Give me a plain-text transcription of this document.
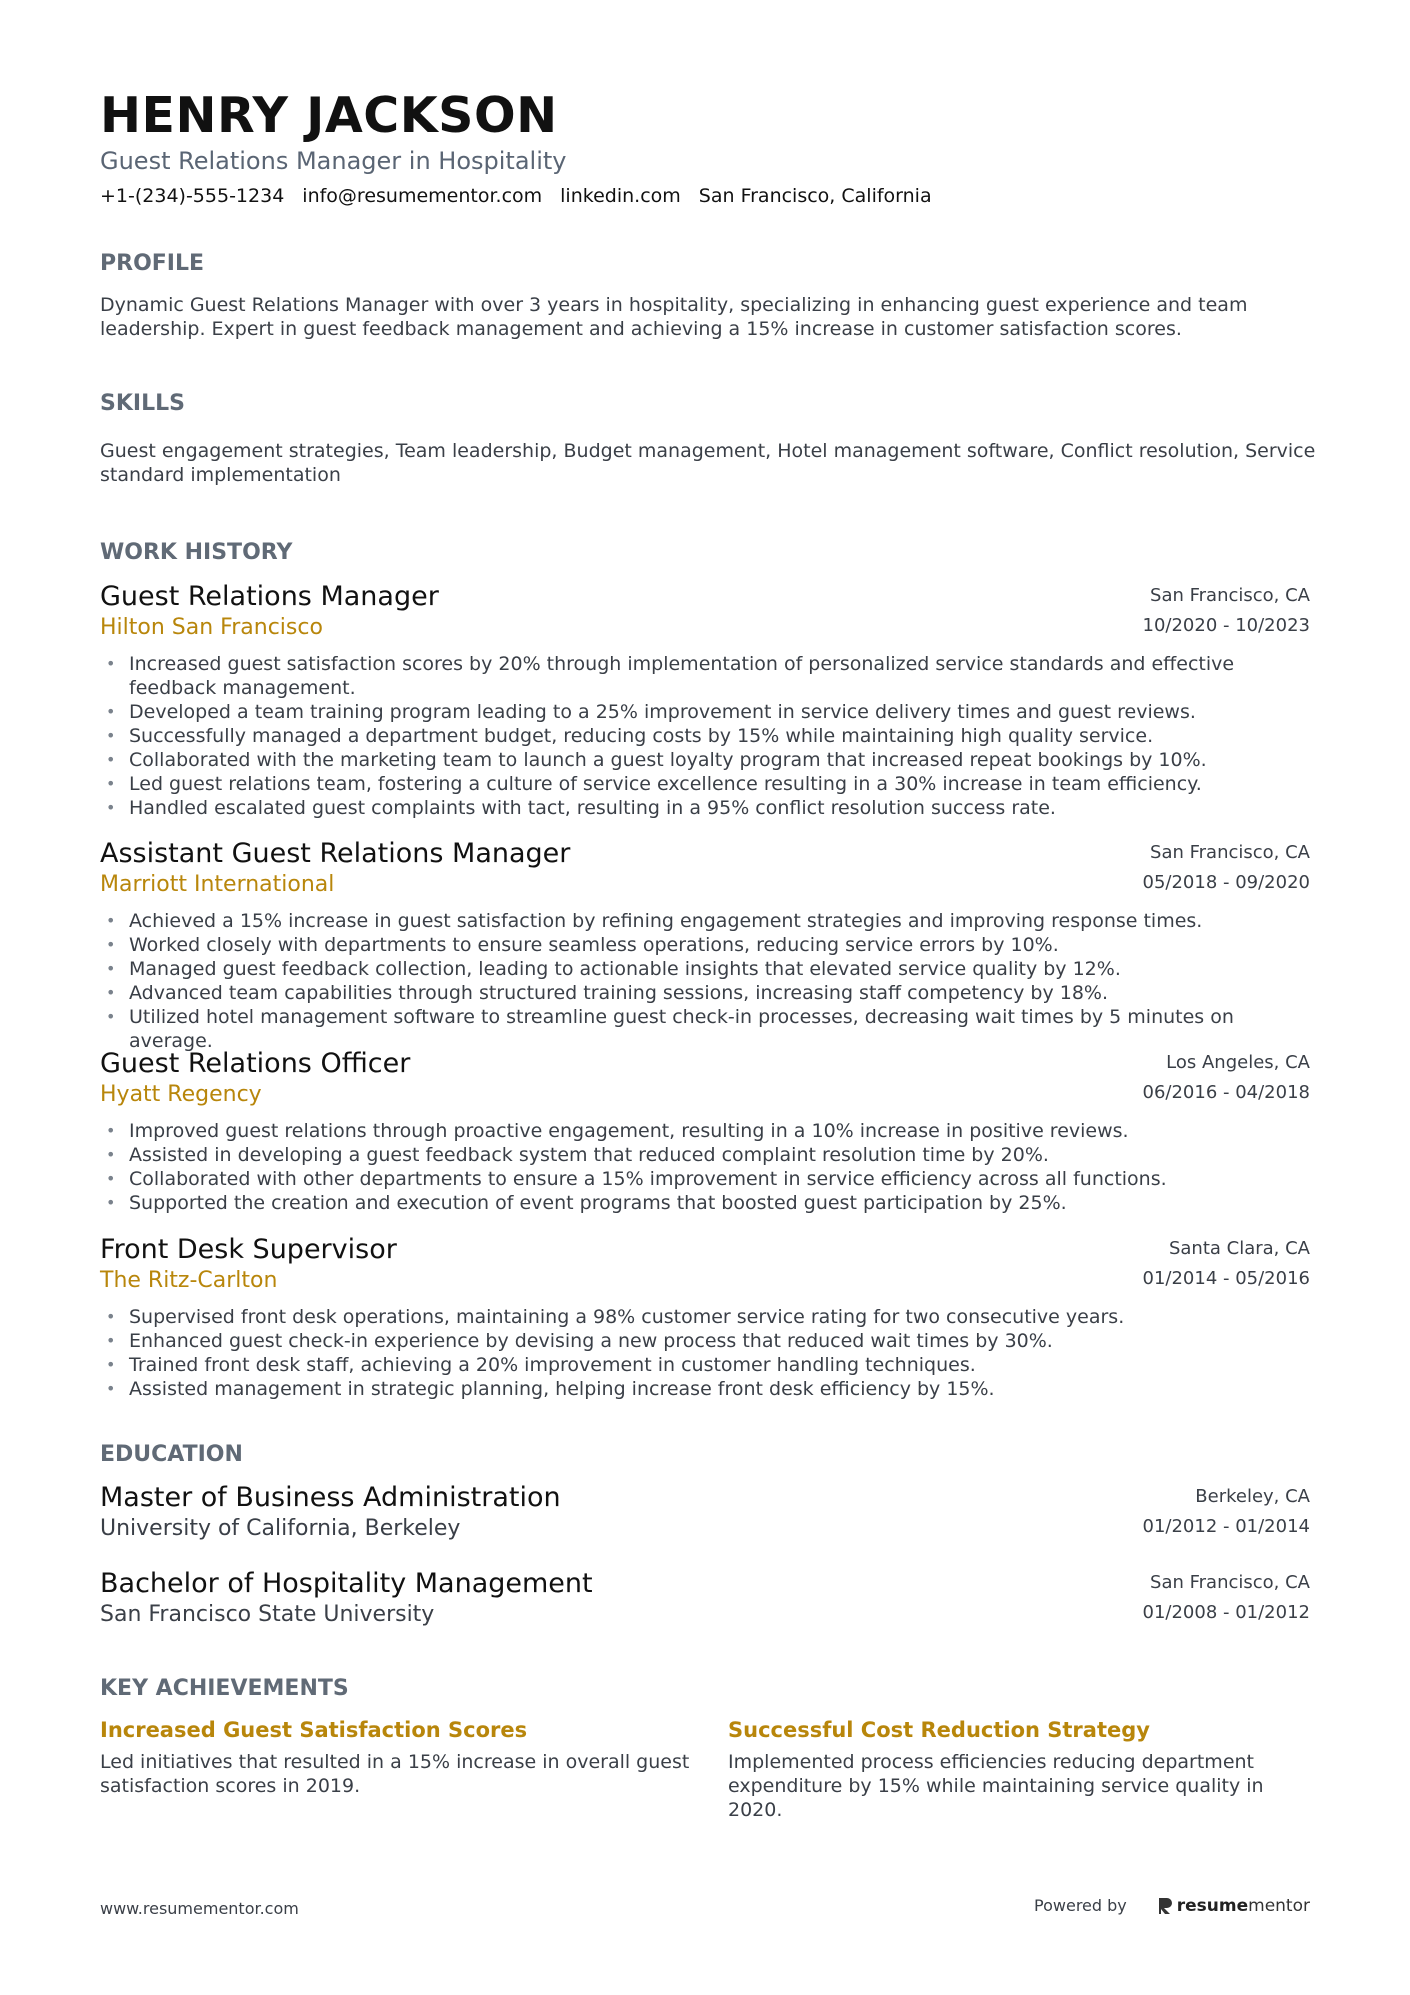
HENRY JACKSON
Guest Relations Manager in Hospitality
+1-(234)-555-1234 info@resumementor.com linkedin.com San Francisco, California
PROFILE

Dynamic Guest Relations Manager with over 3 years in hospitality, specializing in enhancing guest experience and team leadership. Expert in guest feedback management and achieving a 15% increase in customer satisfaction scores.

SKILLS

Guest engagement strategies, Team leadership, Budget management, Hotel management software, Conflict resolution, Service standard implementation

WORK HISTORY
Guest Relations Manager
Hilton San Francisco
San Francisco, CA
10/2020 - 10/2023
• Increased guest satisfaction scores by 20% through implementation of personalized service standards and effective feedback management.
• Developed a team training program leading to a 25% improvement in service delivery times and guest reviews.
• Successfully managed a department budget, reducing costs by 15% while maintaining high quality service.
• Collaborated with the marketing team to launch a guest loyalty program that increased repeat bookings by 10%.
• Led guest relations team, fostering a culture of service excellence resulting in a 30% increase in team efficiency.
• Handled escalated guest complaints with tact, resulting in a 95% conflict resolution success rate.
Assistant Guest Relations Manager
Marriott International
San Francisco, CA
05/2018 - 09/2020
• Achieved a 15% increase in guest satisfaction by refining engagement strategies and improving response times.
• Worked closely with departments to ensure seamless operations, reducing service errors by 10%.
• Managed guest feedback collection, leading to actionable insights that elevated service quality by 12%.
• Advanced team capabilities through structured training sessions, increasing staff competency by 18%.
• Utilized hotel management software to streamline guest check-in processes, decreasing wait times by 5 minutes on average.
Guest Relations Officer
Hyatt Regency
Los Angeles, CA
06/2016 - 04/2018
• Improved guest relations through proactive engagement, resulting in a 10% increase in positive reviews.
• Assisted in developing a guest feedback system that reduced complaint resolution time by 20%.
• Collaborated with other departments to ensure a 15% improvement in service efficiency across all functions.
• Supported the creation and execution of event programs that boosted guest participation by 25%.
Front Desk Supervisor
The Ritz-Carlton
Santa Clara, CA
01/2014 - 05/2016
• Supervised front desk operations, maintaining a 98% customer service rating for two consecutive years.
• Enhanced guest check-in experience by devising a new process that reduced wait times by 30%.
• Trained front desk staff, achieving a 20% improvement in customer handling techniques.
• Assisted management in strategic planning, helping increase front desk efficiency by 15%.
EDUCATION
Master of Business Administration
University of California, Berkeley
Berkeley, CA
01/2012 - 01/2014
Bachelor of Hospitality Management
San Francisco State University
San Francisco, CA
01/2008 - 01/2012
KEY ACHIEVEMENTS

Increased Guest Satisfaction Scores

Led initiatives that resulted in a 15% increase in overall guest satisfaction scores in 2019.

Successful Cost Reduction Strategy

Implemented process efficiencies reducing department expenditure by 15% while maintaining service quality in 2020.

www.resumementor.com	Powered by	resumementor
